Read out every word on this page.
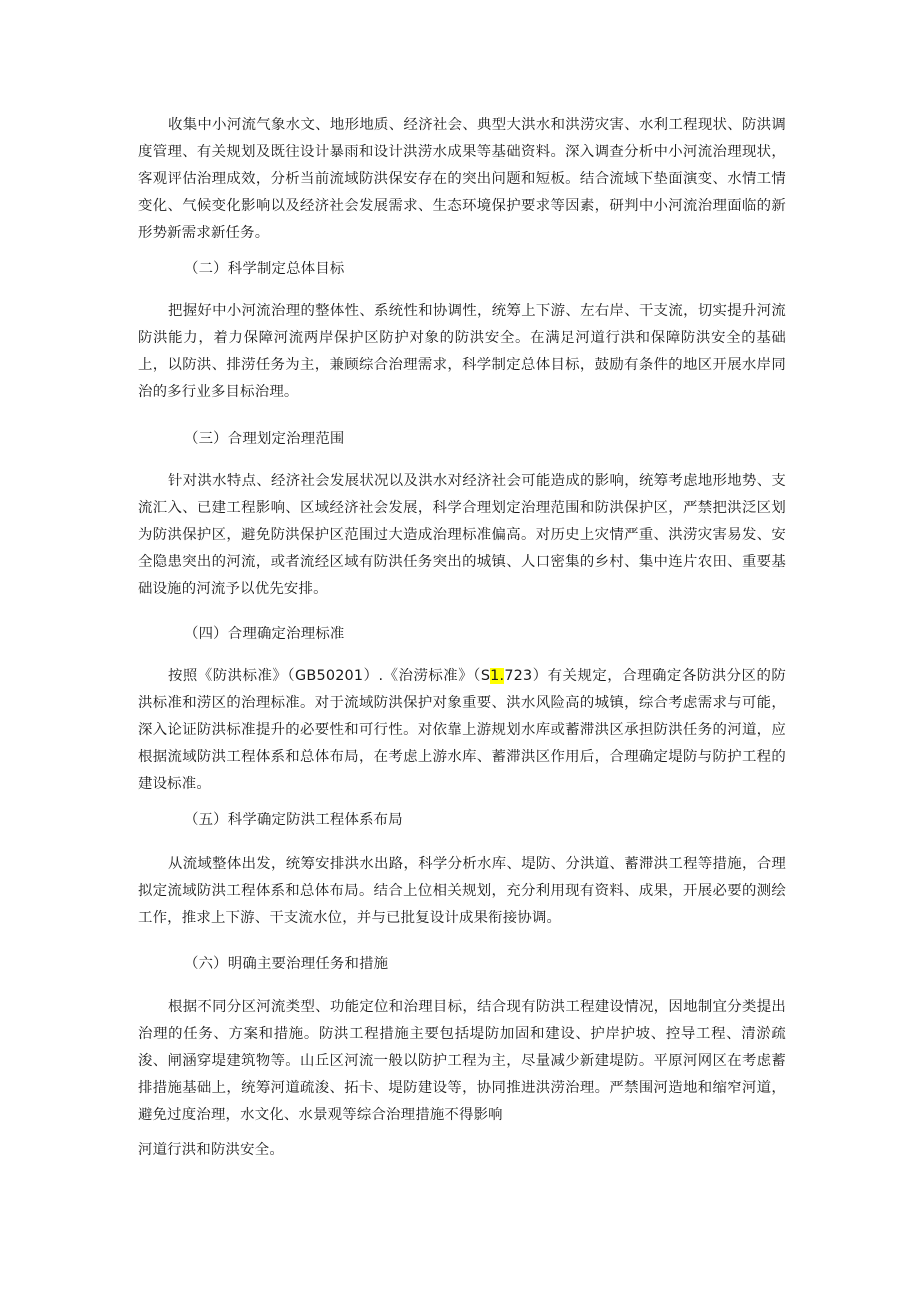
收集中小河流气象水文、地形地质、经济社会、典型大洪水和洪涝灾害、水利工程现状、防洪调度管理、有关规划及既往设计暴雨和设计洪涝水成果等基础资料。深入调查分析中小河流治理现状，客观评估治理成效，分析当前流域防洪保安存在的突出问题和短板。结合流域下垫面演变、水情工情变化、气候变化影响以及经济社会发展需求、生态环境保护要求等因素，研判中小河流治理面临的新形势新需求新任务。

（二）科学制定总体目标

把握好中小河流治理的整体性、系统性和协调性，统筹上下游、左右岸、干支流，切实提升河流防洪能力，着力保障河流两岸保护区防护对象的防洪安全。在满足河道行洪和保障防洪安全的基础上，以防洪、排涝任务为主，兼顾综合治理需求，科学制定总体目标，鼓励有条件的地区开展水岸同治的多行业多目标治理。

（三）合理划定治理范围

针对洪水特点、经济社会发展状况以及洪水对经济社会可能造成的影响，统筹考虑地形地势、支流汇入、已建工程影响、区域经济社会发展，科学合理划定治理范围和防洪保护区，严禁把洪泛区划为防洪保护区，避免防洪保护区范围过大造成治理标准偏高。对历史上灾情严重、洪涝灾害易发、安全隐患突出的河流，或者流经区域有防洪任务突出的城镇、人口密集的乡村、集中连片农田、重要基础设施的河流予以优先安排。

（四）合理确定治理标准

按照《防洪标准》（GB50201）.《治涝标准》（S1.723）有关规定，合理确定各防洪分区的防洪标准和涝区的治理标准。对于流域防洪保护对象重要、洪水风险高的城镇，综合考虑需求与可能，深入论证防洪标准提升的必要性和可行性。对依靠上游规划水库或蓄滞洪区承担防洪任务的河道，应根据流域防洪工程体系和总体布局，在考虑上游水库、蓄滞洪区作用后，合理确定堤防与防护工程的建设标准。

（五）科学确定防洪工程体系布局

从流域整体出发，统筹安排洪水出路，科学分析水库、堤防、分洪道、蓄滞洪工程等措施，合理拟定流域防洪工程体系和总体布局。结合上位相关规划，充分利用现有资料、成果，开展必要的测绘工作，推求上下游、干支流水位，并与已批复设计成果衔接协调。

（六）明确主要治理任务和措施

根据不同分区河流类型、功能定位和治理目标，结合现有防洪工程建设情况，因地制宜分类提出治理的任务、方案和措施。防洪工程措施主要包括堤防加固和建设、护岸护坡、控导工程、清淤疏浚、闸涵穿堤建筑物等。山丘区河流一般以防护工程为主，尽量减少新建堤防。平原河网区在考虑蓄排措施基础上，统筹河道疏浚、拓卡、堤防建设等，协同推进洪涝治理。严禁围河造地和缩窄河道，避免过度治理，水文化、水景观等综合治理措施不得影响

河道行洪和防洪安全。
